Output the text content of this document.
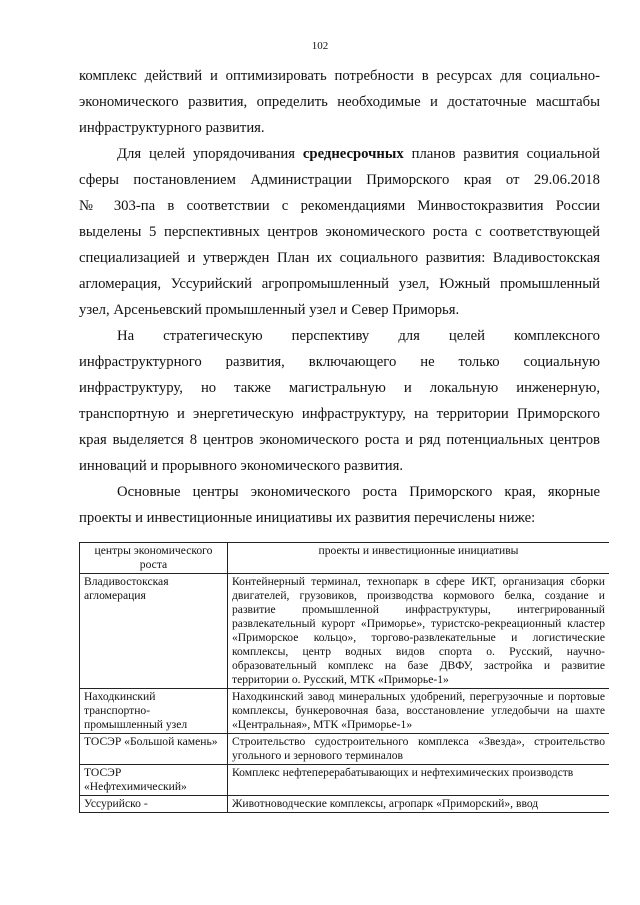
102
комплекс действий и оптимизировать потребности в ресурсах для социально-
экономического развития, определить необходимые и достаточные масштабы
инфраструктурного развития.
Для целей упорядочивания среднесрочных планов развития социальной
сферы постановлением Администрации Приморского края от 29.06.2018
№ 303-па в соответствии с рекомендациями Минвостокразвития России
выделены 5 перспективных центров экономического роста с соответствующей
специализацией и утвержден План их социального развития: Владивостокская
агломерация, Уссурийский агропромышленный узел, Южный промышленный
узел, Арсеньевский промышленный узел и Север Приморья.
На стратегическую перспективу для целей комплексного
инфраструктурного развития, включающего не только социальную
инфраструктуру, но также магистральную и локальную инженерную,
транспортную и энергетическую инфраструктуру, на территории Приморского
края выделяется 8 центров экономического роста и ряд потенциальных центров
инноваций и прорывного экономического развития.
Основные центры экономического роста Приморского края, якорные
проекты и инвестиционные инициативы их развития перечислены ниже:
центры экономического роста	проекты и инвестиционные инициативы
Владивостокская агломерация	Контейнерный терминал, технопарк в сфере ИКТ, организация сборки двигателей, грузовиков, производства кормового белка, создание и развитие промышленной инфраструктуры, интегрированный развлекательный курорт «Приморье», туристско-рекреационный кластер «Приморское кольцо», торгово-развлекательные и логистические комплексы, центр водных видов спорта о. Русский, научно-образовательный комплекс на базе ДВФУ, застройка и развитие территории о. Русский, МТК «Приморье-1»
Находкинский транспортно-промышленный узел	Находкинский завод минеральных удобрений, перегрузочные и портовые комплексы, бункеровочная база, восстановление угледобычи на шахте «Центральная», МТК «Приморье-1»
ТОСЭР «Большой камень»	Строительство судостроительного комплекса «Звезда», строительство угольного и зернового терминалов
ТОСЭР «Нефтехимический»	Комплекс нефтеперерабатывающих и нефтехимических производств
Уссурийско -	Животноводческие комплексы, агропарк «Приморский», ввод
